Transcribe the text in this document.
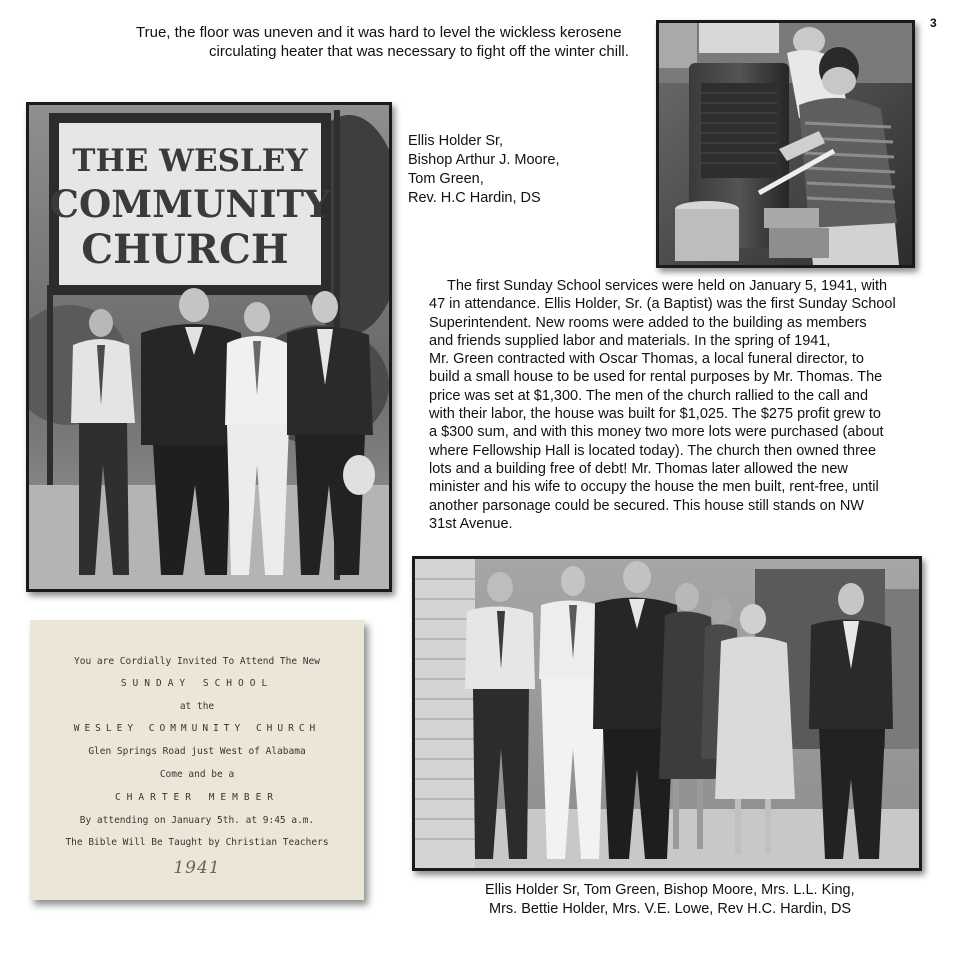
3
True, the floor was uneven and it was hard to level the wickless kerosene
circulating heater that was necessary to fight off the winter chill.
THE WESLEY
COMMUNITY
CHURCH
Ellis Holder Sr,
Bishop Arthur J. Moore,
Tom Green,
Rev. H.C Hardin, DS
The first Sunday School services were held on January 5, 1941, with
47 in attendance. Ellis Holder, Sr. (a Baptist) was the first Sunday School
Superintendent. New rooms were added to the building as members
and friends supplied labor and materials. In the spring of 1941,
Mr. Green contracted with Oscar Thomas, a local funeral director, to
build a small house to be used for rental purposes by Mr. Thomas. The
price was set at $1,300. The men of the church rallied to the call and
with their labor, the house was built for $1,025. The $275 profit grew to
a $300 sum, and with this money two more lots were purchased (about
where Fellowship Hall is located today). The church then owned three
lots and a building free of debt! Mr. Thomas later allowed the new
minister and his wife to occupy the house the men built, rent-free, until
another parsonage could be secured. This house still stands on NW
31st Avenue.
You are Cordially Invited To Attend The New
SUNDAY SCHOOL
at the
WESLEY COMMUNITY CHURCH
Glen Springs Road just West of Alabama
Come and be a
CHARTER MEMBER
By attending on January 5th. at 9:45 a.m.
The Bible Will Be Taught by Christian Teachers
1941
Ellis Holder Sr, Tom Green, Bishop Moore, Mrs. L.L. King,
Mrs. Bettie Holder, Mrs. V.E. Lowe, Rev H.C. Hardin, DS
